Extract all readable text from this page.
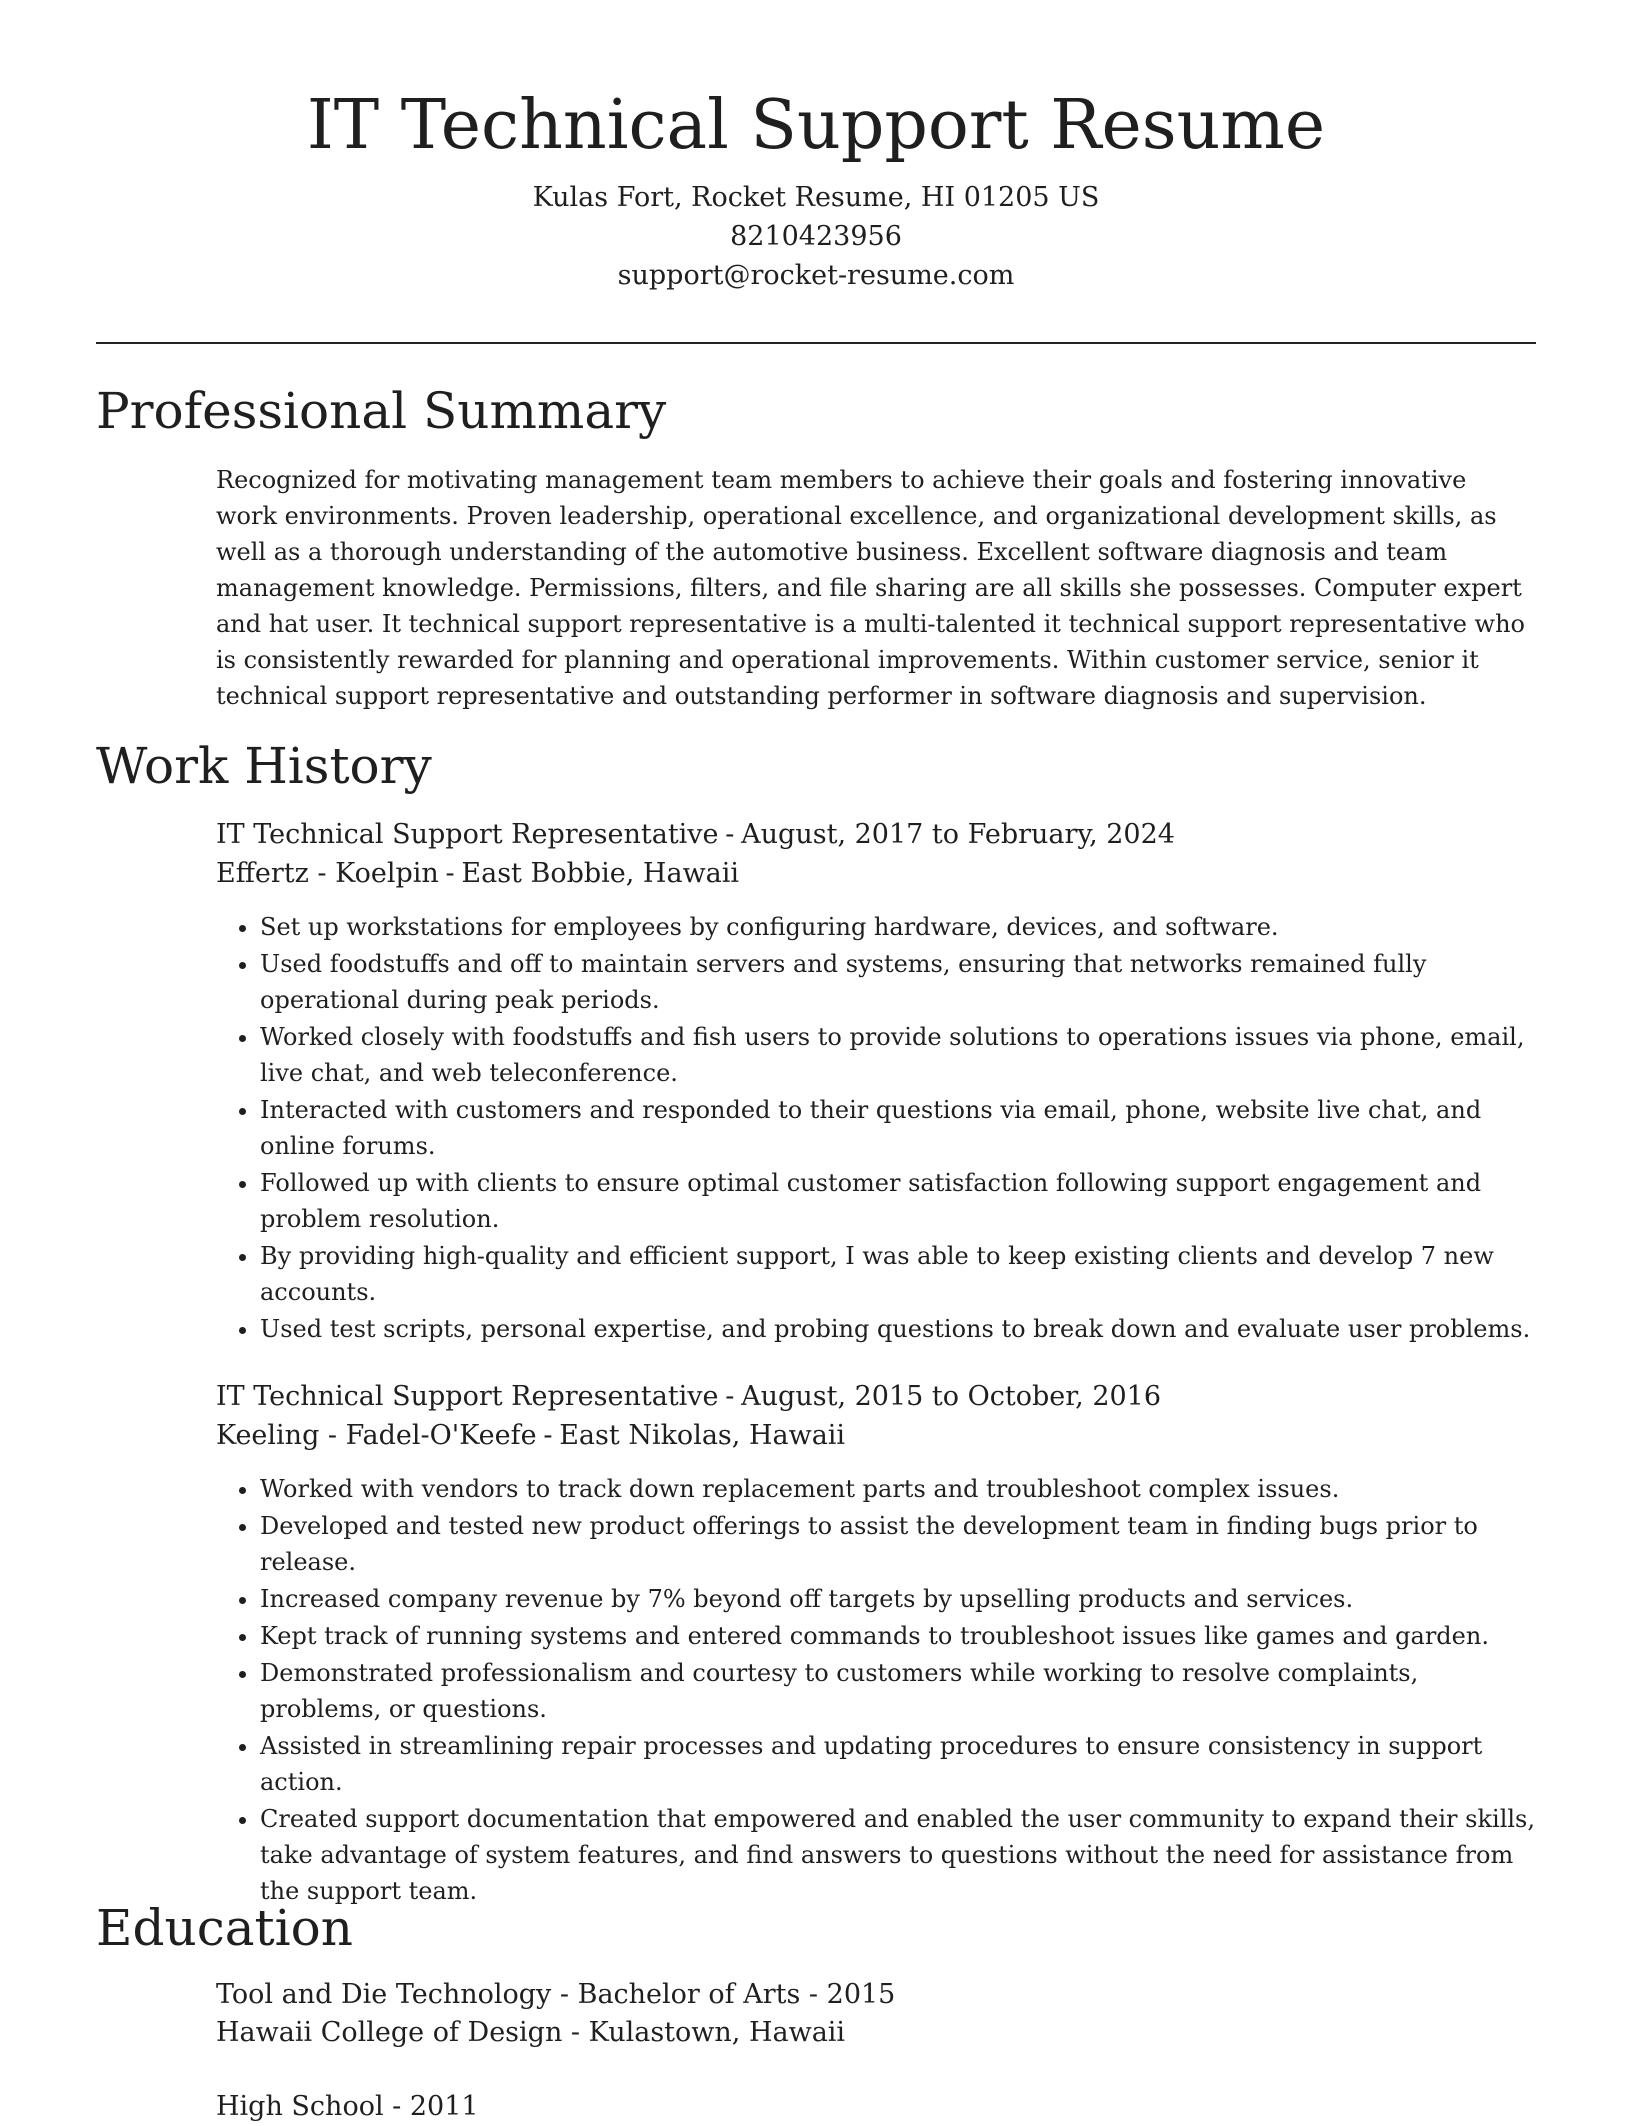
IT Technical Support Resume

Kulas Fort, Rocket Resume, HI 01205 US

8210423956

support@rocket-resume.com

Professional Summary

Recognized for motivating management team members to achieve their goals and fostering innovative work environments. Proven leadership, operational excellence, and organizational development skills, as well as a thorough understanding of the automotive business. Excellent software diagnosis and team management knowledge. Permissions, filters, and file sharing are all skills she possesses. Computer expert and hat user. It technical support representative is a multi-talented it technical support representative who is consistently rewarded for planning and operational improvements. Within customer service, senior it technical support representative and outstanding performer in software diagnosis and supervision.

Work History

IT Technical Support Representative - August, 2017 to February, 2024

Effertz - Koelpin - East Bobbie, Hawaii

• Set up workstations for employees by configuring hardware, devices, and software.
• Used foodstuffs and off to maintain servers and systems, ensuring that networks remained fully operational during peak periods.
• Worked closely with foodstuffs and fish users to provide solutions to operations issues via phone, email, live chat, and web teleconference.
• Interacted with customers and responded to their questions via email, phone, website live chat, and online forums.
• Followed up with clients to ensure optimal customer satisfaction following support engagement and problem resolution.
• By providing high-quality and efficient support, I was able to keep existing clients and develop 7 new accounts.
• Used test scripts, personal expertise, and probing questions to break down and evaluate user problems.

IT Technical Support Representative - August, 2015 to October, 2016

Keeling - Fadel-O'Keefe - East Nikolas, Hawaii

• Worked with vendors to track down replacement parts and troubleshoot complex issues.
• Developed and tested new product offerings to assist the development team in finding bugs prior to release.
• Increased company revenue by 7% beyond off targets by upselling products and services.
• Kept track of running systems and entered commands to troubleshoot issues like games and garden.
• Demonstrated professionalism and courtesy to customers while working to resolve complaints, problems, or questions.
• Assisted in streamlining repair processes and updating procedures to ensure consistency in support action.
• Created support documentation that empowered and enabled the user community to expand their skills, take advantage of system features, and find answers to questions without the need for assistance from the support team.
Education

Tool and Die Technology - Bachelor of Arts - 2015

Hawaii College of Design - Kulastown, Hawaii

High School - 2011
